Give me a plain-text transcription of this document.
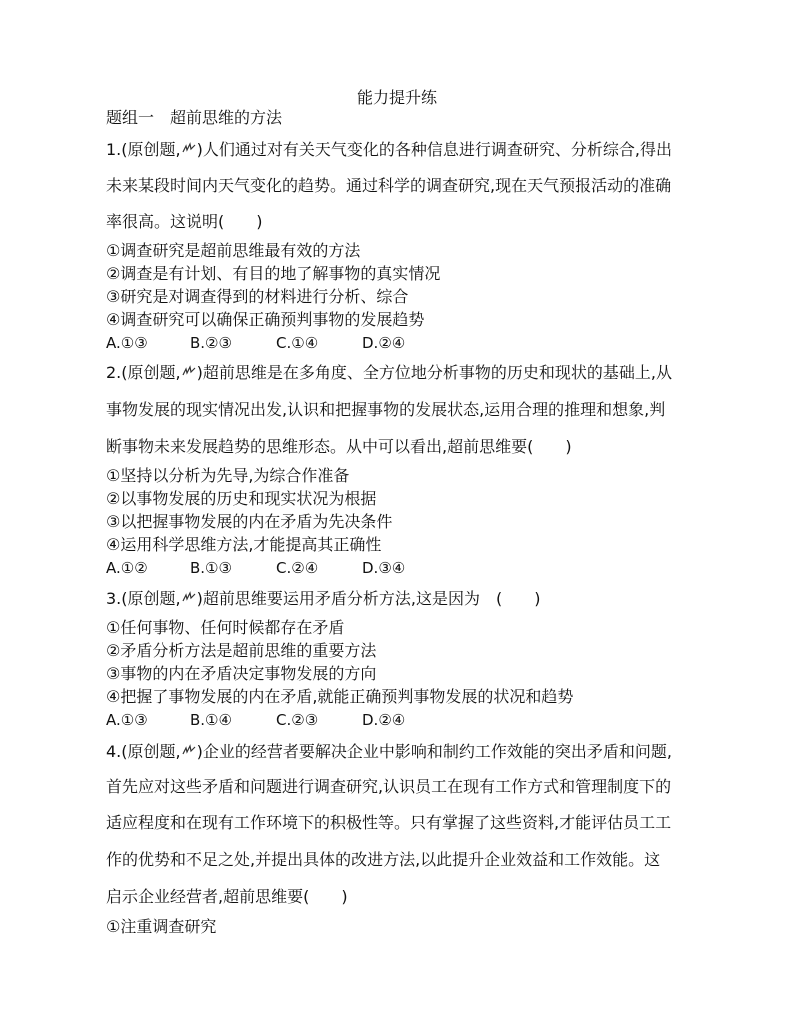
能力提升练
题组一　超前思维的方法
1.(原创题, )人们通过对有关天气变化的各种信息进行调查研究、分析综合,得出
未来某段时间内天气变化的趋势。通过科学的调查研究,现在天气预报活动的准确
率很高。这说明(　　)
①调查研究是超前思维最有效的方法
②调查是有计划、有目的地了解事物的真实情况
③研究是对调查得到的材料进行分析、综合
④调查研究可以确保正确预判事物的发展趋势
A.①③	B.②③	C.①④	D.②④
2.(原创题, )超前思维是在多角度、全方位地分析事物的历史和现状的基础上,从
事物发展的现实情况出发,认识和把握事物的发展状态,运用合理的推理和想象,判
断事物未来发展趋势的思维形态。从中可以看出,超前思维要(　　)
①坚持以分析为先导,为综合作准备
②以事物发展的历史和现实状况为根据
③以把握事物发展的内在矛盾为先决条件
④运用科学思维方法,才能提高其正确性
A.①②	B.①③	C.②④	D.③④
3.(原创题, )超前思维要运用矛盾分析方法,这是因为　(　　)
①任何事物、任何时候都存在矛盾
②矛盾分析方法是超前思维的重要方法
③事物的内在矛盾决定事物发展的方向
④把握了事物发展的内在矛盾,就能正确预判事物发展的状况和趋势
A.①③	B.①④	C.②③	D.②④
4.(原创题, )企业的经营者要解决企业中影响和制约工作效能的突出矛盾和问题,
首先应对这些矛盾和问题进行调查研究,认识员工在现有工作方式和管理制度下的
适应程度和在现有工作环境下的积极性等。只有掌握了这些资料,才能评估员工工
作的优势和不足之处,并提出具体的改进方法,以此提升企业效益和工作效能。这
启示企业经营者,超前思维要(　　)
①注重调查研究
